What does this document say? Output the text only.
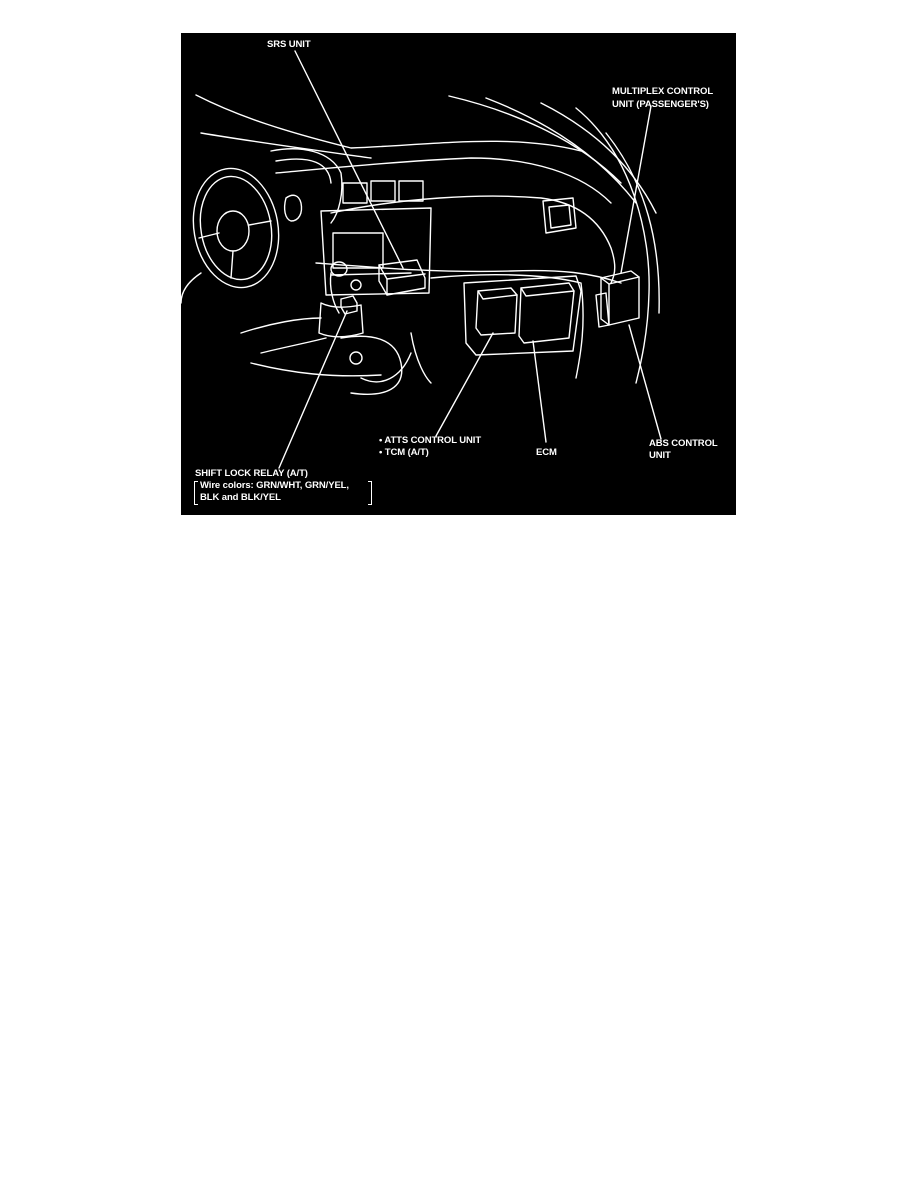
SRS UNIT
MULTIPLEX CONTROL
UNIT (PASSENGER'S)
• ATTS CONTROL UNIT
• TCM (A/T)	ECM
ABS CONTROL
UNIT
SHIFT LOCK RELAY (A/T)
Wire colors: GRN/WHT, GRN/YEL,
BLK and BLK/YEL
